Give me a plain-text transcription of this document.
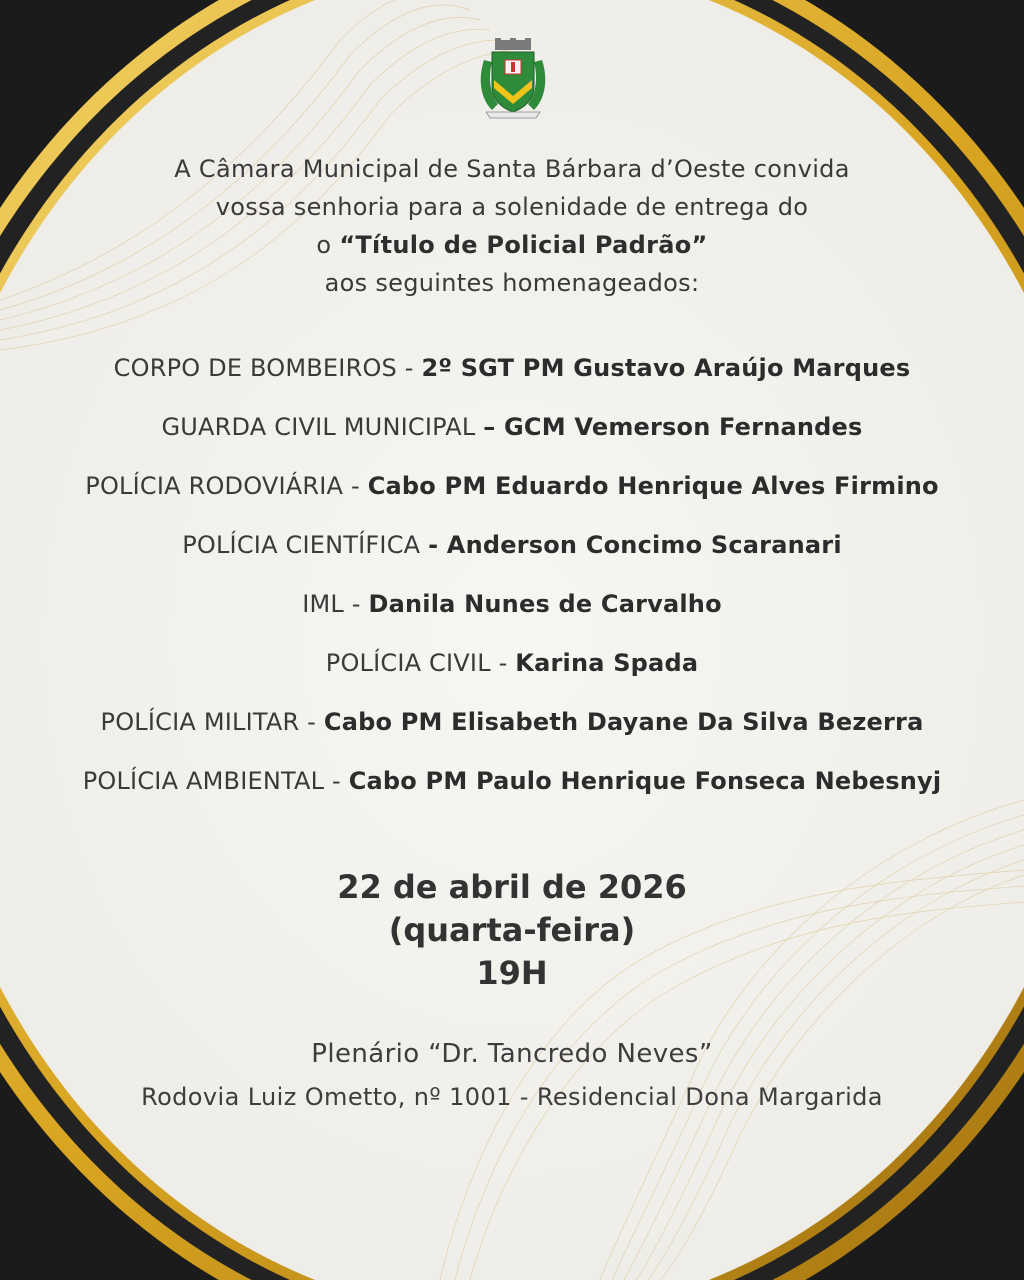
A Câmara Municipal de Santa Bárbara d’Oeste convida
vossa senhoria para a solenidade de entrega do
o “Título de Policial Padrão”
aos seguintes homenageados:
CORPO DE BOMBEIROS - 2º SGT PM Gustavo Araújo Marques
GUARDA CIVIL MUNICIPAL – GCM Vemerson Fernandes
POLÍCIA RODOVIÁRIA - Cabo PM Eduardo Henrique Alves Firmino
POLÍCIA CIENTÍFICA - Anderson Concimo Scaranari
IML - Danila Nunes de Carvalho
POLÍCIA CIVIL - Karina Spada
POLÍCIA MILITAR - Cabo PM Elisabeth Dayane Da Silva Bezerra
POLÍCIA AMBIENTAL - Cabo PM Paulo Henrique Fonseca Nebesnyj
22 de abril de 2026
(quarta-feira)
19H
Plenário “Dr. Tancredo Neves”
Rodovia Luiz Ometto, nº 1001 - Residencial Dona Margarida
